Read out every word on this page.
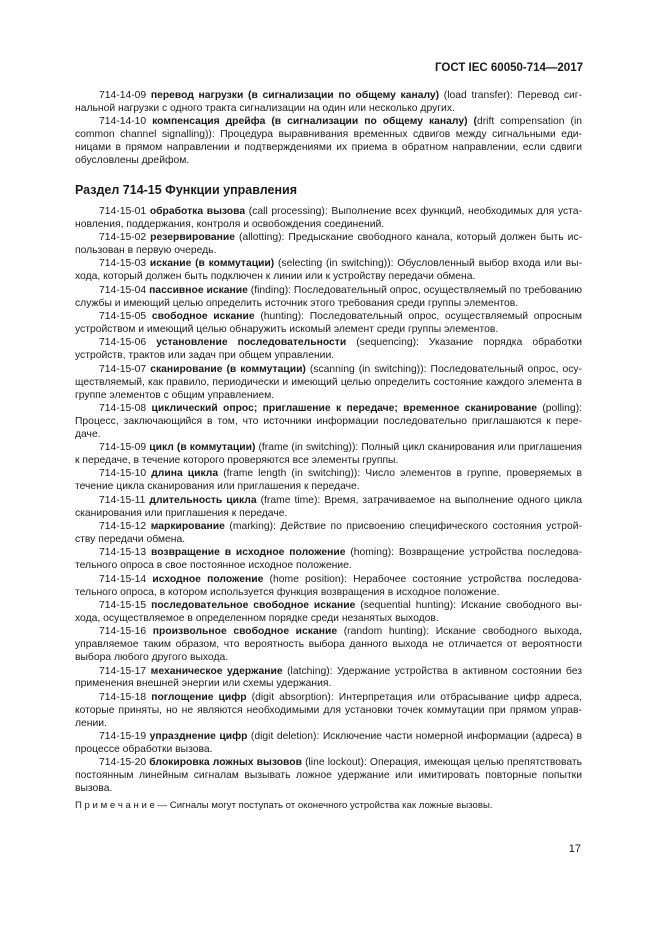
ГОСТ IEC 60050-714—2017
714-14-09 перевод нагрузки (в сигнализации по общему каналу) (load transfer): Перевод сигнальной нагрузки с одного тракта сигнализации на один или несколько других.
714-14-10 компенсация дрейфа (в сигнализации по общему каналу) (drift compensation (in common channel signalling)): Процедура выравнивания временных сдвигов между сигнальными единицами в прямом направлении и подтверждениями их приема в обратном направлении, если сдвиги обусловлены дрейфом.
Раздел 714-15 Функции управления
714-15-01 обработка вызова (call processing): Выполнение всех функций, необходимых для установления, поддержания, контроля и освобождения соединений.
714-15-02 резервирование (allotting): Предыскание свободного канала, который должен быть использован в первую очередь.
714-15-03 искание (в коммутации) (selecting (in switching)): Обусловленный выбор входа или выхода, который должен быть подключен к линии или к устройству передачи обмена.
714-15-04 пассивное искание (finding): Последовательный опрос, осуществляемый по требованию службы и имеющий целью определить источник этого требования среди группы элементов.
714-15-05 свободное искание (hunting): Последовательный опрос, осуществляемый опросным устройством и имеющий целью обнаружить искомый элемент среди группы элементов.
714-15-06 установление последовательности (sequencing): Указание порядка обработки устройств, трактов или задач при общем управлении.
714-15-07 сканирование (в коммутации) (scanning (in switching)): Последовательный опрос, осуществляемый, как правило, периодически и имеющий целью определить состояние каждого элемента в группе элементов с общим управлением.
714-15-08 циклический опрос; приглашение к передаче; временное сканирование (polling): Процесс, заключающийся в том, что источники информации последовательно приглашаются к передаче.
714-15-09 цикл (в коммутации) (frame (in switching)): Полный цикл сканирования или приглашения к передаче, в течение которого проверяются все элементы группы.
714-15-10 длина цикла (frame length (in switching)): Число элементов в группе, проверяемых в течение цикла сканирования или приглашения к передаче.
714-15-11 длительность цикла (frame time): Время, затрачиваемое на выполнение одного цикла сканирования или приглашения к передаче.
714-15-12 маркирование (marking): Действие по присвоению специфического состояния устройству передачи обмена.
714-15-13 возвращение в исходное положение (homing): Возвращение устройства последовательного опроса в свое постоянное исходное положение.
714-15-14 исходное положение (home position): Нерабочее состояние устройства последовательного опроса, в котором используется функция возвращения в исходное положение.
714-15-15 последовательное свободное искание (sequential hunting): Искание свободного выхода, осуществляемое в определенном порядке среди незанятых выходов.
714-15-16 произвольное свободное искание (random hunting): Искание свободного выхода, управляемое таким образом, что вероятность выбора данного выхода не отличается от вероятности выбора любого другого выхода.
714-15-17 механическое удержание (latching): Удержание устройства в активном состоянии без применения внешней энергии или схемы удержания.
714-15-18 поглощение цифр (digit absorption): Интерпретация или отбрасывание цифр адреса, которые приняты, но не являются необходимыми для установки точек коммутации при прямом управлении.
714-15-19 упразднение цифр (digit deletion): Исключение части номерной информации (адреса) в процессе обработки вызова.
714-15-20 блокировка ложных вызовов (line lockout): Операция, имеющая целью препятствовать постоянным линейным сигналам вызывать ложное удержание или имитировать повторные попытки вызова.
П р и м е ч а н и е — Сигналы могут поступать от оконечного устройства как ложные вызовы.
17
